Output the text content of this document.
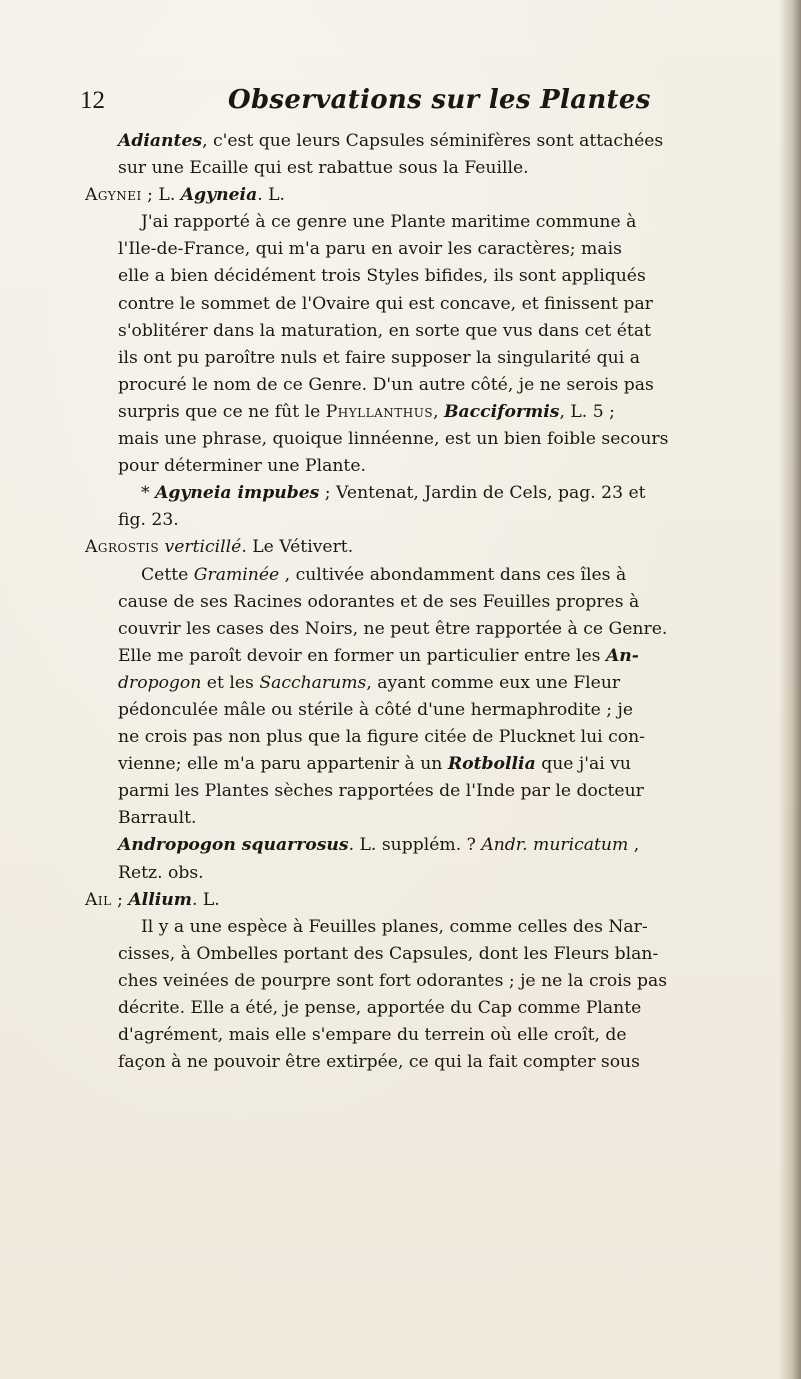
12	Observations sur les Plantes
Adiantes, c'est que leurs Capsules séminifères sont attachées
sur une Ecaille qui est rabattue sous la Feuille.
Agynei ; L. Agyneia. L.
J'ai rapporté à ce genre une Plante maritime commune à
l'Ile-de-France, qui m'a paru en avoir les caractères; mais
elle a bien décidément trois Styles bifides, ils sont appliqués
contre le sommet de l'Ovaire qui est concave, et finissent par
s'oblitérer dans la maturation, en sorte que vus dans cet état
ils ont pu paroître nuls et faire supposer la singularité qui a
procuré le nom de ce Genre. D'un autre côté, je ne serois pas
surpris que ce ne fût le Phyllanthus, Bacciformis, L. 5 ;
mais une phrase, quoique linnéenne, est un bien foible secours
pour déterminer une Plante.
* Agyneia impubes ; Ventenat, Jardin de Cels, pag. 23 et
fig. 23.
Agrostis verticillé. Le Vétivert.
Cette Graminée , cultivée abondamment dans ces îles à
cause de ses Racines odorantes et de ses Feuilles propres à
couvrir les cases des Noirs, ne peut être rapportée à ce Genre.
Elle me paroît devoir en former un particulier entre les An-
dropogon et les Saccharums, ayant comme eux une Fleur
pédonculée mâle ou stérile à côté d'une hermaphrodite ; je
ne crois pas non plus que la figure citée de Plucknet lui con-
vienne; elle m'a paru appartenir à un Rotbollia que j'ai vu
parmi les Plantes sèches rapportées de l'Inde par le docteur
Barrault.
Andropogon squarrosus. L. supplém. ? Andr. muricatum ,
Retz. obs.
Ail ; Allium. L.
Il y a une espèce à Feuilles planes, comme celles des Nar-
cisses, à Ombelles portant des Capsules, dont les Fleurs blan-
ches veinées de pourpre sont fort odorantes ; je ne la crois pas
décrite. Elle a été, je pense, apportée du Cap comme Plante
d'agrément, mais elle s'empare du terrein où elle croît, de
façon à ne pouvoir être extirpée, ce qui la fait compter sous
